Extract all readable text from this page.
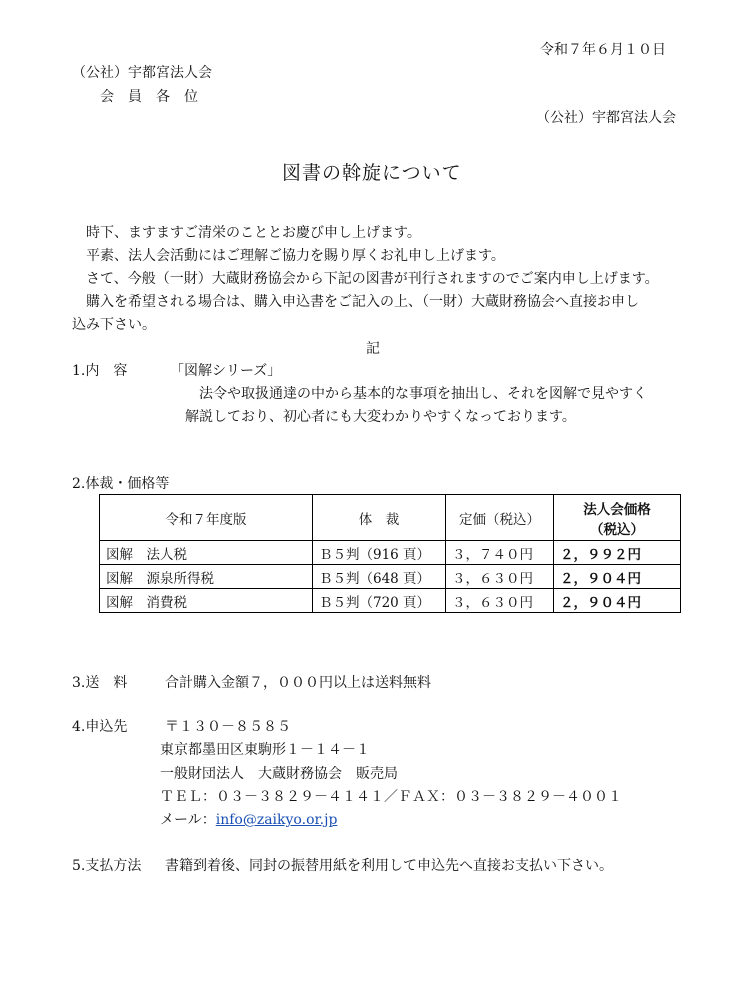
令和７年６月１０日
（公社）宇都宮法人会
会　員　各　位
（公社）宇都宮法人会
図書の斡旋について
時下、ますますご清栄のこととお慶び申し上げます。
平素、法人会活動にはご理解ご協力を賜り厚くお礼申し上げます。
さて、今般（一財）大蔵財務協会から下記の図書が刊行されますのでご案内申し上げます。
購入を希望される場合は、購入申込書をご記入の上、（一財）大蔵財務協会へ直接お申し
込み下さい。
記
1.内　容	「図解シリーズ」
法令や取扱通達の中から基本的な事項を抽出し、それを図解で見やすく
解説しており、初心者にも大変わかりやすくなっております。
2.体裁・価格等
令和７年度版	体　裁	定価（税込）	法人会価格
（税込）

図解　法人税	Ｂ５判（916 頁）	３，７４０円	２，９９２円
図解　源泉所得税	Ｂ５判（648 頁）	３，６３０円	２，９０４円
図解　消費税	Ｂ５判（720 頁）	３，６３０円	２，９０４円
3.送　料	合計購入金額７，０００円以上は送料無料
4.申込先	〒１３０－８５８５
東京都墨田区東駒形１－１４－１
一般財団法人　大蔵財務協会　販売局
ＴＥＬ：０３－３８２９－４１４１／ＦＡＸ：０３－３８２９－４００１
メール：info@zaikyo.or.jp
5.支払方法 書籍到着後、同封の振替用紙を利用して申込先へ直接お支払い下さい。
